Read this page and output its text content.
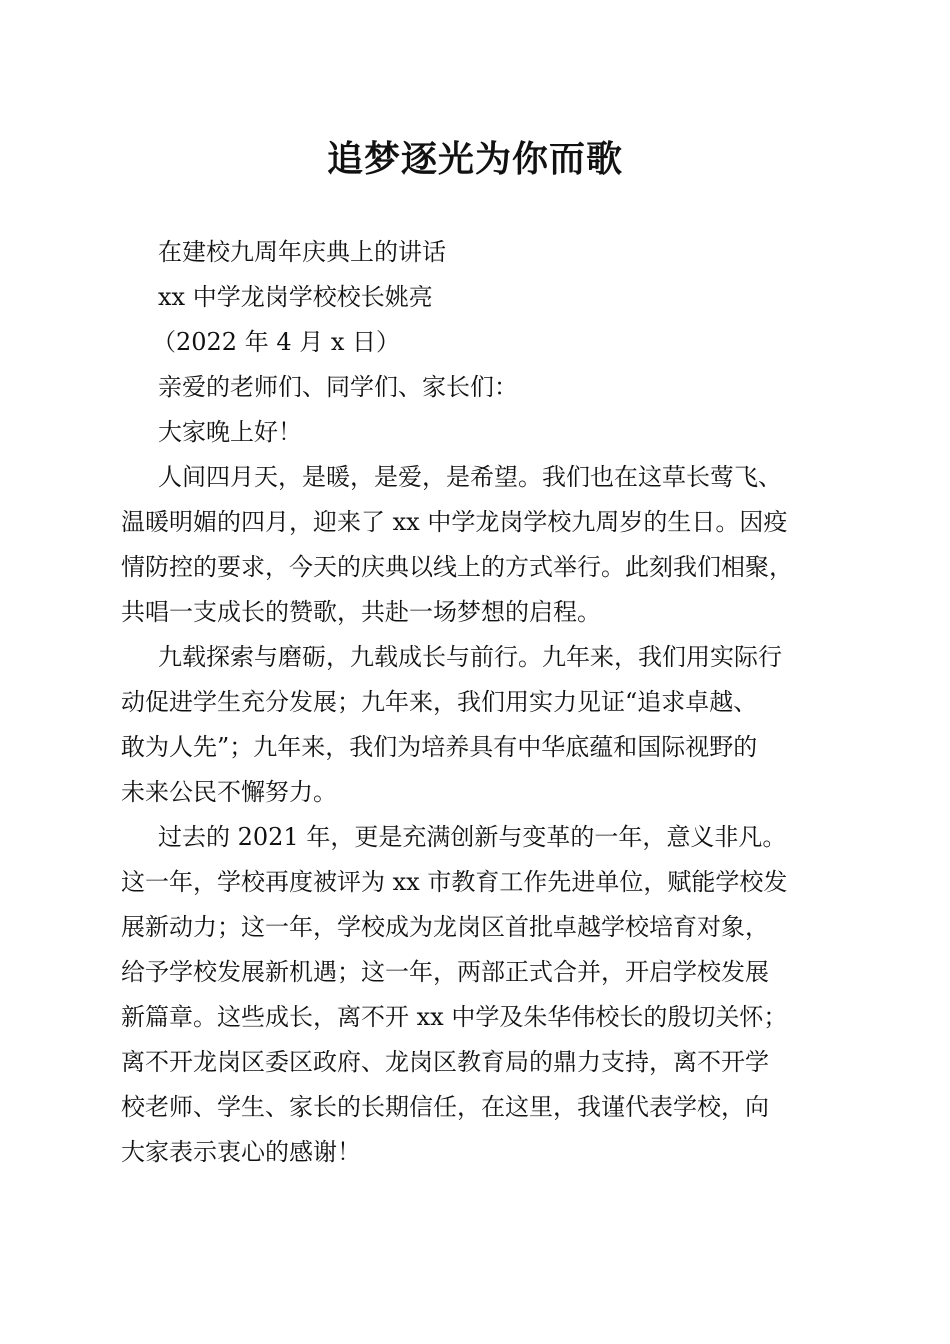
追梦逐光为你而歌

在建校九周年庆典上的讲话

xx 中学龙岗学校校长姚亮

（2022 年 4 月 x 日）

亲爱的老师们、同学们、家长们：

大家晚上好！

人间四月天，是暖，是爱，是希望。我们也在这草长莺飞、

温暖明媚的四月，迎来了 xx 中学龙岗学校九周岁的生日。因疫

情防控的要求，今天的庆典以线上的方式举行。此刻我们相聚，

共唱一支成长的赞歌，共赴一场梦想的启程。

九载探索与磨砺，九载成长与前行。九年来，我们用实际行

动促进学生充分发展；九年来，我们用实力见证“追求卓越、

敢为人先”；九年来，我们为培养具有中华底蕴和国际视野的

未来公民不懈努力。

过去的 2021 年，更是充满创新与变革的一年，意义非凡。

这一年，学校再度被评为 xx 市教育工作先进单位，赋能学校发

展新动力；这一年，学校成为龙岗区首批卓越学校培育对象，

给予学校发展新机遇；这一年，两部正式合并，开启学校发展

新篇章。这些成长，离不开 xx 中学及朱华伟校长的殷切关怀；

离不开龙岗区委区政府、龙岗区教育局的鼎力支持，离不开学

校老师、学生、家长的长期信任，在这里，我谨代表学校，向

大家表示衷心的感谢！
